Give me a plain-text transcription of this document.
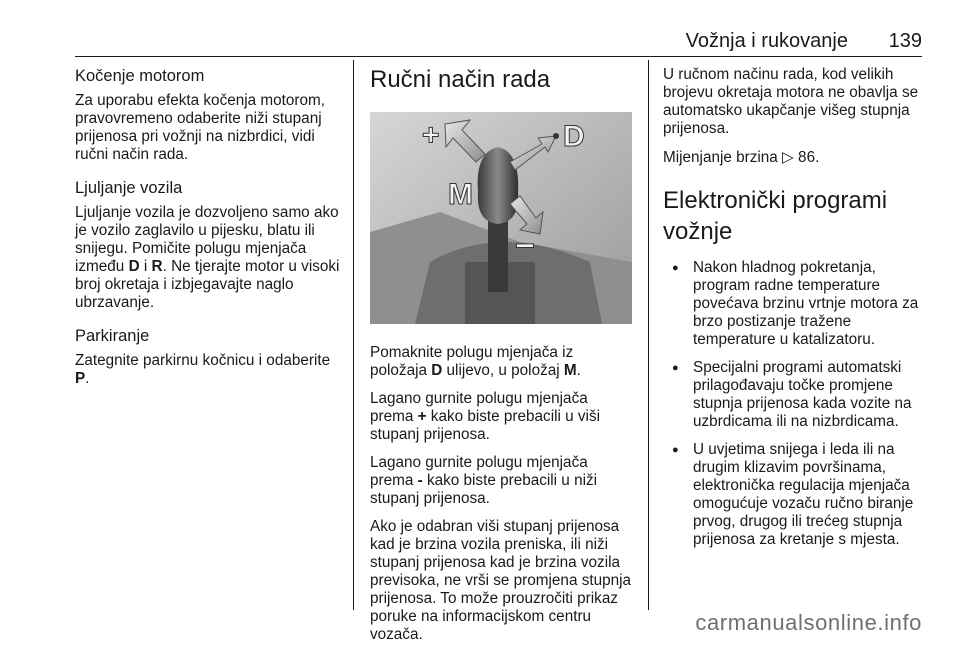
Vožnja i rukovanje 139
Kočenje motorom

Za uporabu efekta kočenja motorom, pravovremeno odaberite niži stupanj prijenosa pri vožnji na nizbrdici, vidi ručni način rada.

Ljuljanje vozila

Ljuljanje vozila je dozvoljeno samo ako je vozilo zaglavilo u pijesku, blatu ili snijegu. Pomičite polugu mjenjača između D i R. Ne tjerajte motor u visoki broj okretaja i izbjegavajte naglo ubrzavanje.

Parkiranje

Zategnite parkirnu kočnicu i odaberite P.

Ručni način rada
+
−
D
M

Pomaknite polugu mjenjača iz položaja D ulijevo, u položaj M.

Lagano gurnite polugu mjenjača prema + kako biste prebacili u viši stupanj prijenosa.

Lagano gurnite polugu mjenjača prema - kako biste prebacili u niži stupanj prijenosa.

Ako je odabran viši stupanj prijenosa kad je brzina vozila preniska, ili niži stupanj prijenosa kad je brzina vozila previsoka, ne vrši se promjena stupnja prijenosa. To može prouzročiti prikaz poruke na informacijskom centru vozača.

U ručnom načinu rada, kod velikih brojevu okretaja motora ne obavlja se automatsko ukapčanje višeg stupnja prijenosa.

Mijenjanje brzina ▷ 86.

Elektronički programi vožnje
● Nakon hladnog pokretanja, program radne temperature povećava brzinu vrtnje motora za brzo postizanje tražene temperature u katalizatoru.
● Specijalni programi automatski prilagođavaju točke promjene stupnja prijenosa kada vozite na uzbrdicama ili na nizbrdicama.
● U uvjetima snijega i leda ili na drugim klizavim površinama, elektronička regulacija mjenjača omogućuje vozaču ručno biranje prvog, drugog ili trećeg stupnja prijenosa za kretanje s mjesta.
carmanualsonline.info
